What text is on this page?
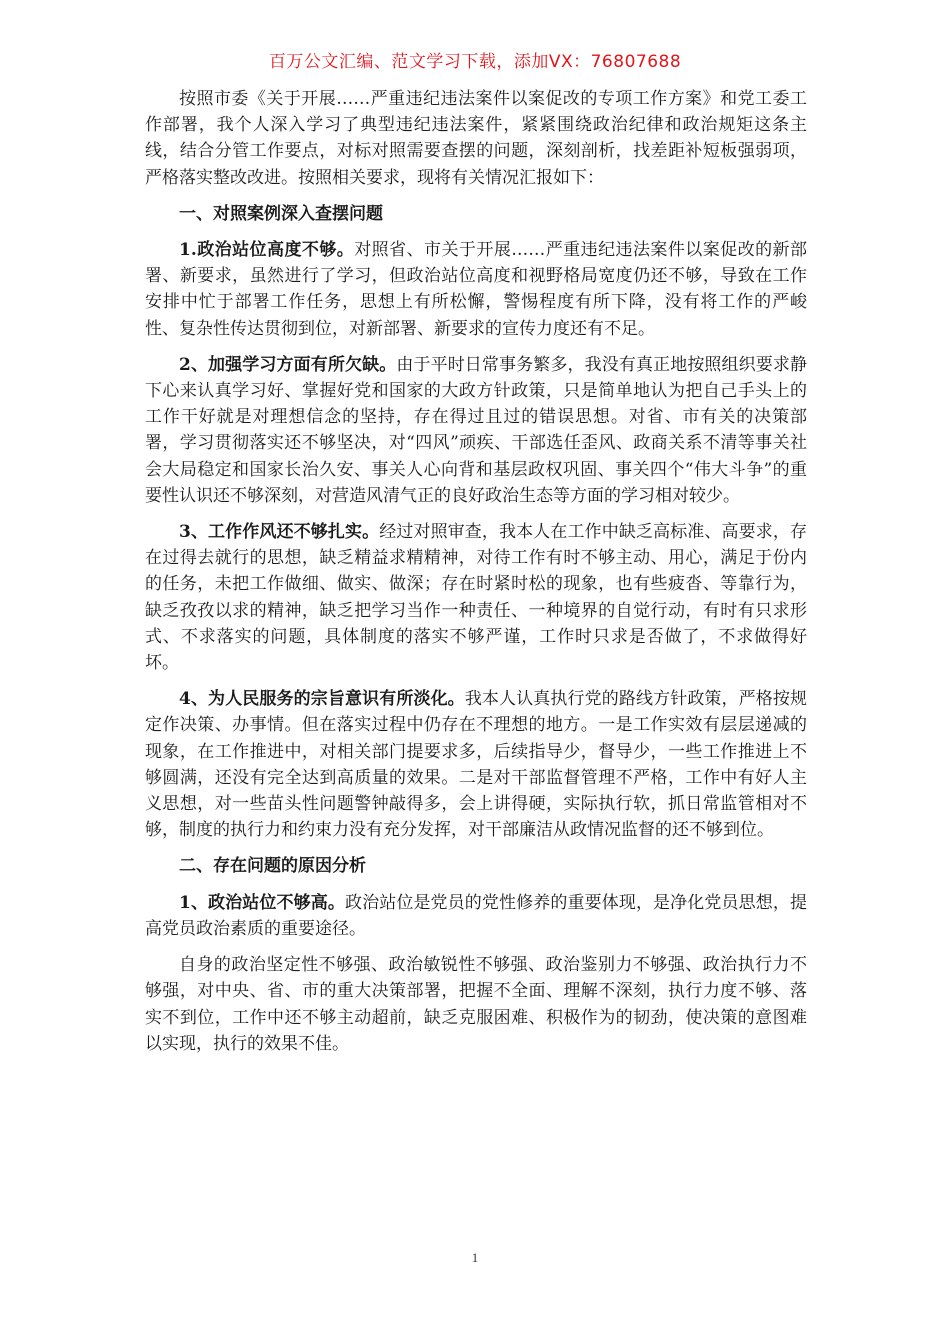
百万公文汇编、范文学习下载，添加VX：76807688

按照市委《关于开展……严重违纪违法案件以案促改的专项工作方案》和党工委工作部署，我个人深入学习了典型违纪违法案件，紧紧围绕政治纪律和政治规矩这条主线，结合分管工作要点，对标对照需要查摆的问题，深刻剖析，找差距补短板强弱项，严格落实整改改进。按照相关要求，现将有关情况汇报如下：

一、对照案例深入查摆问题

1.政治站位高度不够。对照省、市关于开展……严重违纪违法案件以案促改的新部署、新要求，虽然进行了学习，但政治站位高度和视野格局宽度仍还不够，导致在工作安排中忙于部署工作任务，思想上有所松懈，警惕程度有所下降，没有将工作的严峻性、复杂性传达贯彻到位，对新部署、新要求的宣传力度还有不足。

2、加强学习方面有所欠缺。由于平时日常事务繁多，我没有真正地按照组织要求静下心来认真学习好、掌握好党和国家的大政方针政策，只是简单地认为把自己手头上的工作干好就是对理想信念的坚持，存在得过且过的错误思想。对省、市有关的决策部署，学习贯彻落实还不够坚决，对“四风”顽疾、干部选任歪风、政商关系不清等事关社会大局稳定和国家长治久安、事关人心向背和基层政权巩固、事关四个“伟大斗争”的重要性认识还不够深刻，对营造风清气正的良好政治生态等方面的学习相对较少。

3、工作作风还不够扎实。经过对照审查，我本人在工作中缺乏高标准、高要求，存在过得去就行的思想，缺乏精益求精精神，对待工作有时不够主动、用心，满足于份内的任务，未把工作做细、做实、做深；存在时紧时松的现象，也有些疲沓、等靠行为，缺乏孜孜以求的精神，缺乏把学习当作一种责任、一种境界的自觉行动，有时有只求形式、不求落实的问题，具体制度的落实不够严谨，工作时只求是否做了，不求做得好坏。

4、为人民服务的宗旨意识有所淡化。我本人认真执行党的路线方针政策，严格按规定作决策、办事情。但在落实过程中仍存在不理想的地方。一是工作实效有层层递减的现象，在工作推进中，对相关部门提要求多，后续指导少，督导少，一些工作推进上不够圆满，还没有完全达到高质量的效果。二是对干部监督管理不严格，工作中有好人主义思想，对一些苗头性问题警钟敲得多，会上讲得硬，实际执行软，抓日常监管相对不够，制度的执行力和约束力没有充分发挥，对干部廉洁从政情况监督的还不够到位。

二、存在问题的原因分析

1、政治站位不够高。政治站位是党员的党性修养的重要体现，是净化党员思想，提高党员政治素质的重要途径。

自身的政治坚定性不够强、政治敏锐性不够强、政治鉴别力不够强、政治执行力不够强，对中央、省、市的重大决策部署，把握不全面、理解不深刻，执行力度不够、落实不到位，工作中还不够主动超前，缺乏克服困难、积极作为的韧劲，使决策的意图难以实现，执行的效果不佳。

1
